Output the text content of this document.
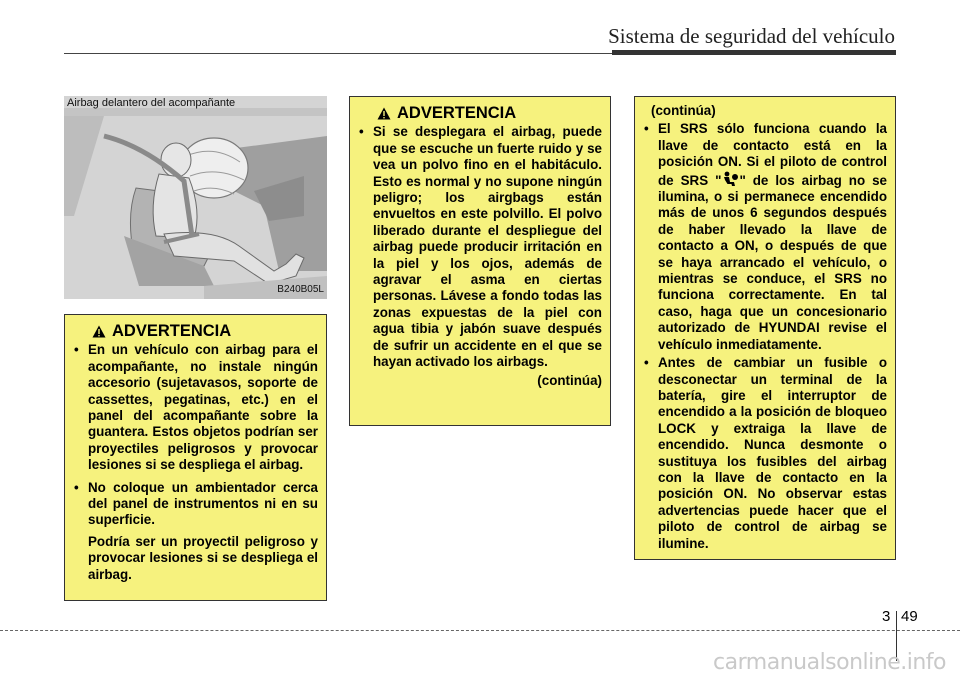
Sistema de seguridad del vehículo
Airbag delantero del acompañante
B240B05L
ADVERTENCIA
• En un vehículo con airbag para el acompañante, no instale ningún accesorio (sujetavasos, soporte de cassettes, pegatinas, etc.) en el panel del acompañante sobre la guantera. Estos objetos podrían ser proyectiles peligrosos y provocar lesiones si se despliega el airbag.
• No coloque un ambientador cerca del panel de instrumentos ni en su superficie.
Podría ser un proyectil peligroso y provocar lesiones si se despliega el airbag.
ADVERTENCIA
• Si se desplegara el airbag, puede que se escuche un fuerte ruido y se vea un polvo fino en el habitáculo. Esto es normal y no supone ningún peligro; los airgbags están envueltos en este polvillo. El polvo liberado durante el despliegue del airbag puede producir irritación en la piel y los ojos, además de agravar el asma en ciertas personas. Lávese a fondo todas las zonas expuestas de la piel con agua tibia y jabón suave después de sufrir un accidente en el que se hayan activado los airbags.
(continúa)
(continúa)
• El SRS sólo funciona cuando la llave de contacto está en la posición ON. Si el piloto de control de SRS " " de los airbag no se ilumina, o si permanece encendido más de unos 6 segundos después de haber llevado la llave de contacto a ON, o después de que se haya arrancado el vehículo, o mientras se conduce, el SRS no funciona correctamente. En tal caso, haga que un concesionario autorizado de HYUNDAI revise el vehículo inmediatamente.
• Antes de cambiar un fusible o desconectar un terminal de la batería, gire el interruptor de encendido a la posición de bloqueo LOCK y extraiga la llave de encendido. Nunca desmonte o sustituya los fusibles del airbag con la llave de contacto en la posición ON. No observar estas advertencias puede hacer que el piloto de control de airbag se ilumine.
3 49
carmanualsonline.info
